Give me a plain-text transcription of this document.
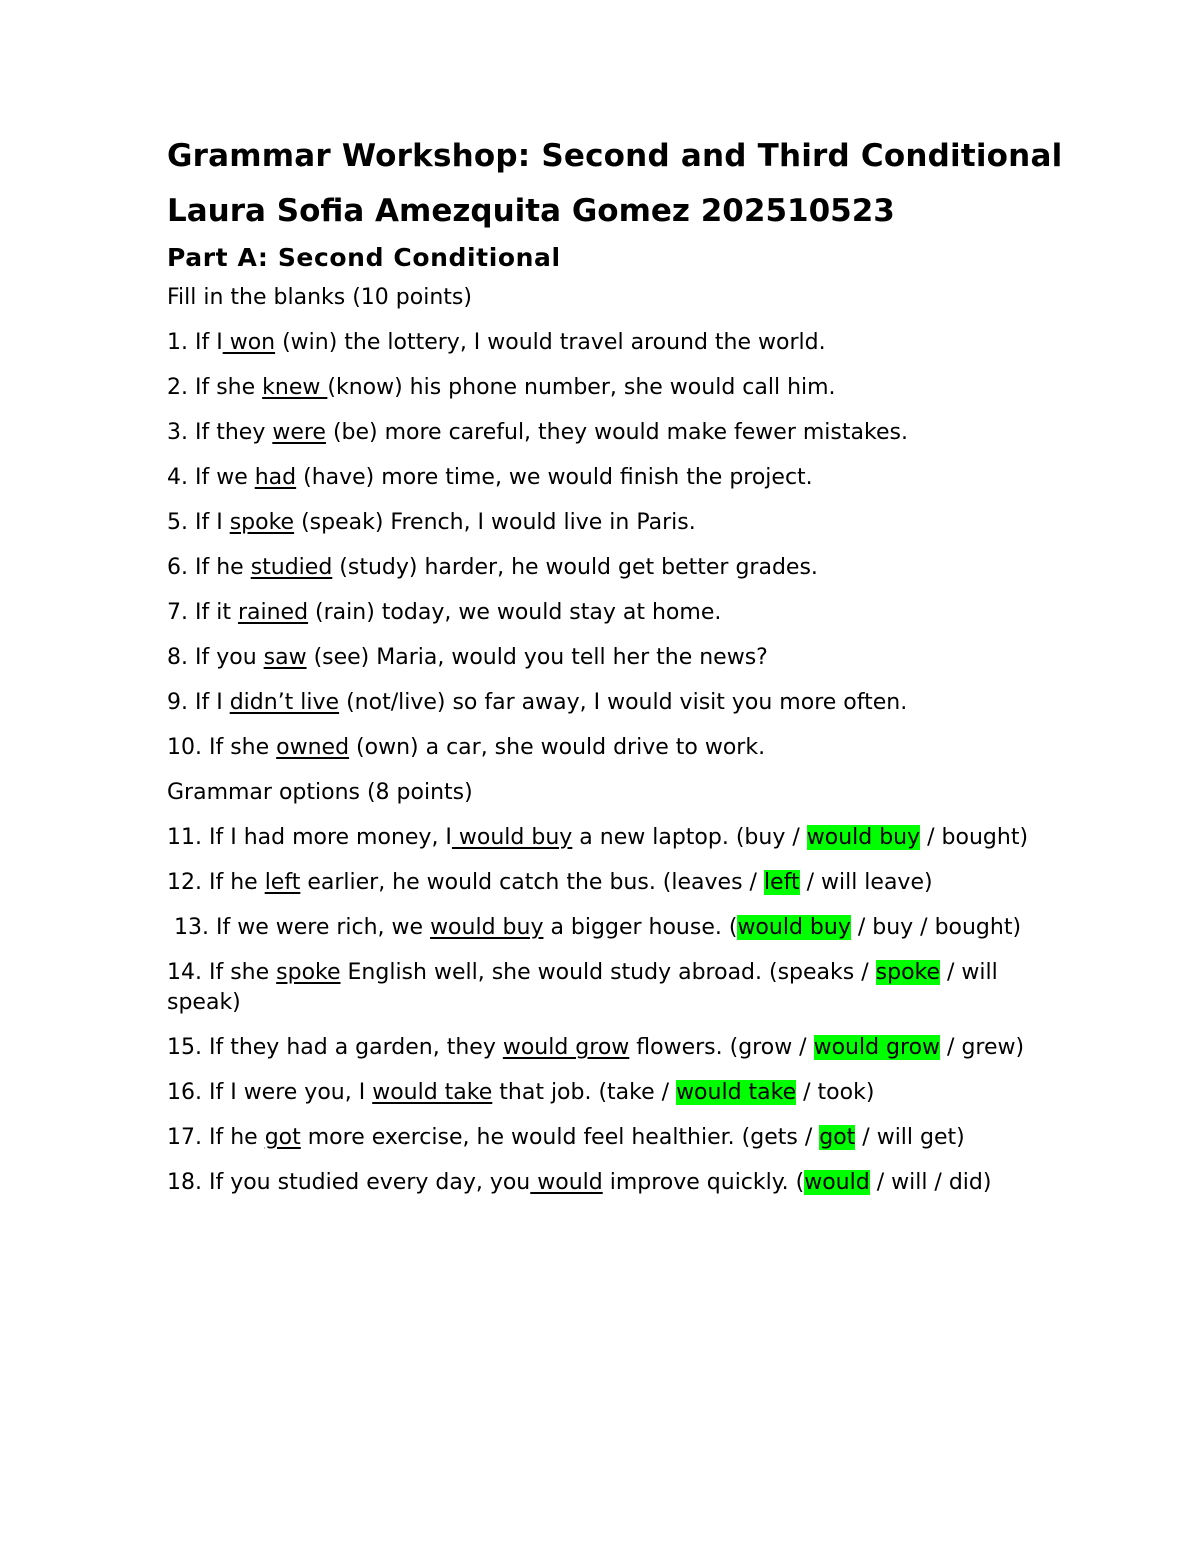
Grammar Workshop: Second and Third Conditional
Laura Sofia Amezquita Gomez 202510523
Part A: Second Conditional
Fill in the blanks (10 points)
1. If I won (win) the lottery, I would travel around the world.
2. If she knew (know) his phone number, she would call him.
3. If they were (be) more careful, they would make fewer mistakes.
4. If we had (have) more time, we would finish the project.
5. If I spoke (speak) French, I would live in Paris.
6. If he studied (study) harder, he would get better grades.
7. If it rained (rain) today, we would stay at home.
8. If you saw (see) Maria, would you tell her the news?
9. If I didn’t live (not/live) so far away, I would visit you more often.
10. If she owned (own) a car, she would drive to work.
Grammar options (8 points)
11. If I had more money, I would buy a new laptop. (buy / would buy / bought)
12. If he left earlier, he would catch the bus. (leaves / left / will leave)
13. If we were rich, we would buy a bigger house. (would buy / buy / bought)
14. If she spoke English well, she would study abroad. (speaks / spoke / will speak)
15. If they had a garden, they would grow flowers. (grow / would grow / grew)
16. If I were you, I would take that job. (take / would take / took)
17. If he got more exercise, he would feel healthier. (gets / got / will get)
18. If you studied every day, you would improve quickly. (would / will / did)
